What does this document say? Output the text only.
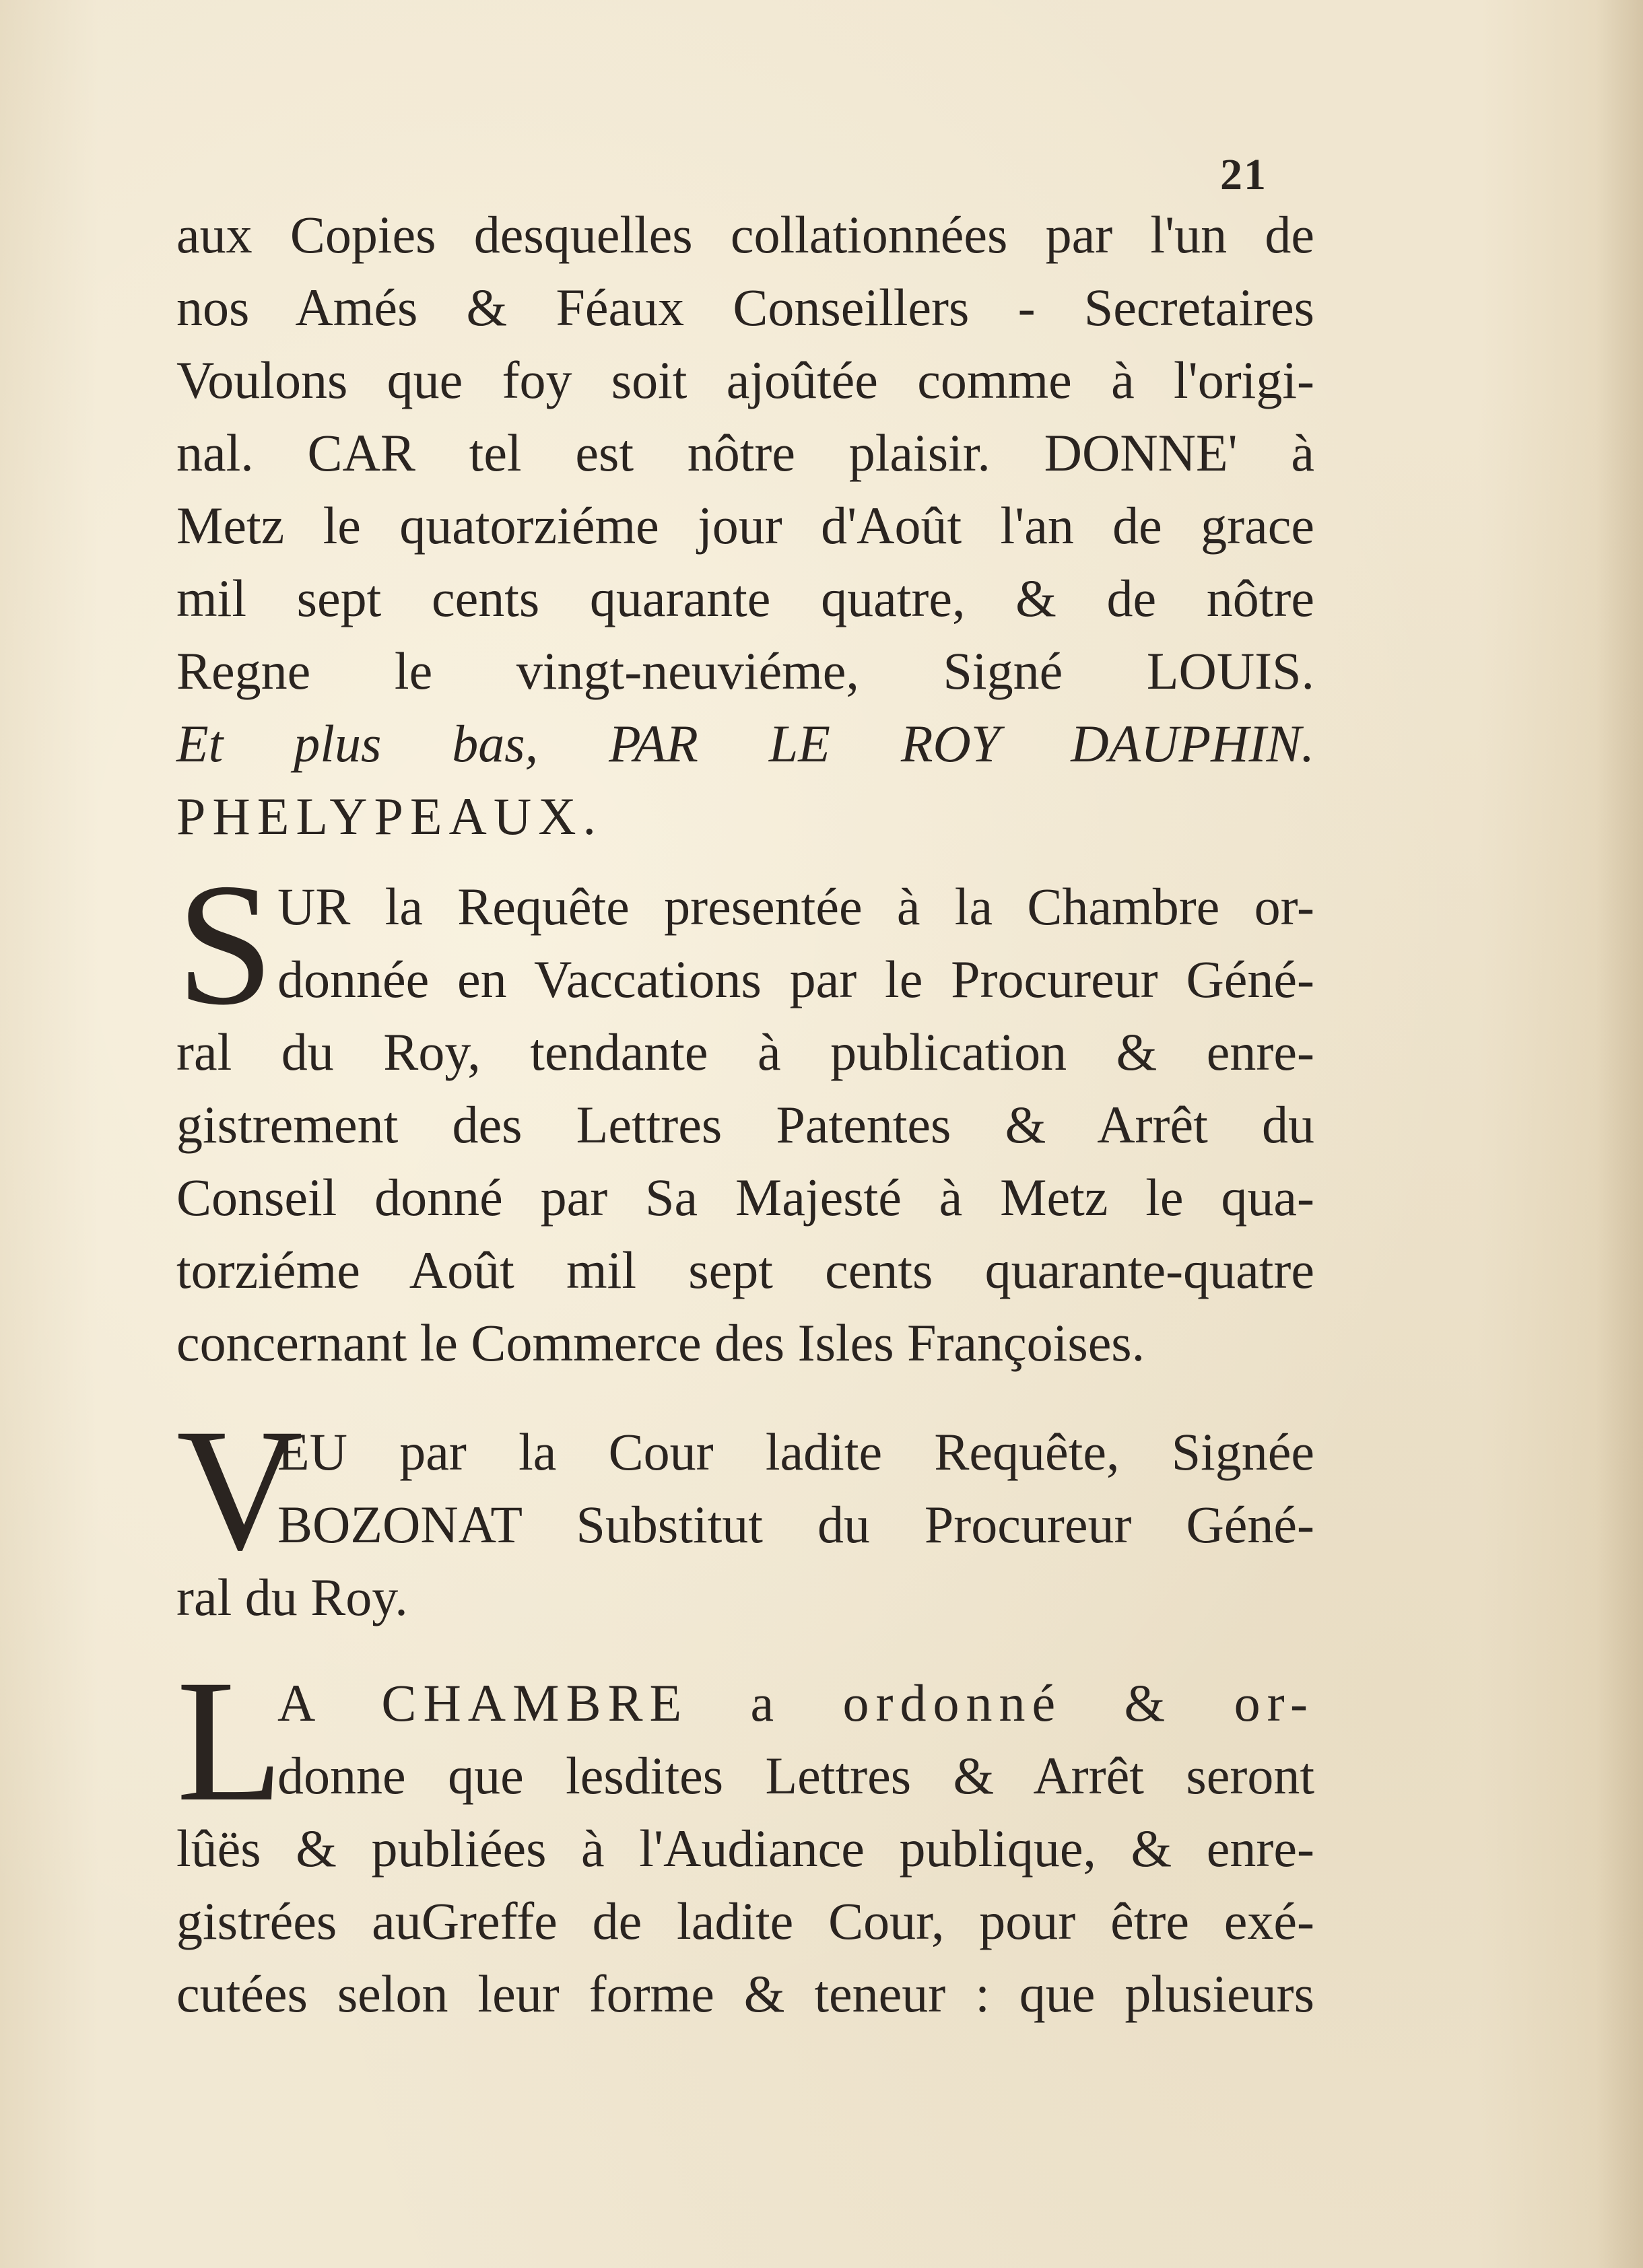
21
aux Copies desquelles collationnées par l'un de
nos Amés & Féaux Conseillers - Secretaires
Voulons que foy soit ajoûtée comme à l'origi-
nal. CAR tel est nôtre plaisir. DONNE' à
Metz le quatorziéme jour d'Août l'an de grace
mil sept cents quarante quatre, & de nôtre
Regne le vingt-neuviéme, Signé LOUIS.
Et plus bas, PAR LE ROY DAUPHIN.
PHELYPEAUX.
S UR la Requête presentée à la Chambre or-
donnée en Vaccations par le Procureur Géné-
ral du Roy, tendante à publication & enre-
gistrement des Lettres Patentes & Arrêt du
Conseil donné par Sa Majesté à Metz le qua-
torziéme Août mil sept cents quarante-quatre
concernant le Commerce des Isles Françoises.
V
EU par la Cour ladite Requête, Signée
BOZONAT Substitut du Procureur Géné-
ral du Roy.
L
A CHAMBRE a ordonné & or-
donne que lesdites Lettres & Arrêt seront
lûës & publiées à l'Audiance publique, & enre-
gistrées auGreffe de ladite Cour, pour être exé-
cutées selon leur forme & teneur : que plusieurs
